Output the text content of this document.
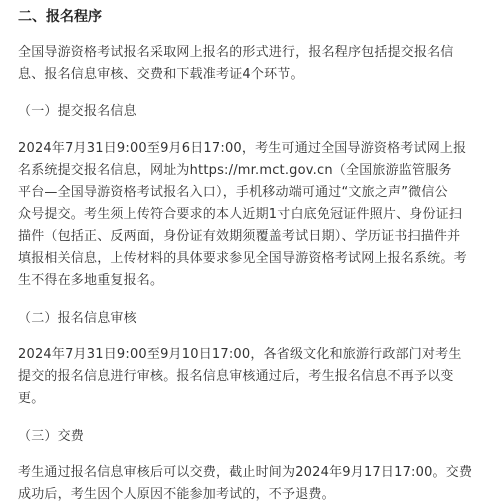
二、报名程序
全国导游资格考试报名采取网上报名的形式进行，报名程序包括提交报名信
息、报名信息审核、交费和下载准考证4个环节。
（一）提交报名信息
2024年7月31日9:00至9月6日17:00，考生可通过全国导游资格考试网上报
名系统提交报名信息，网址为https://mr.mct.gov.cn（全国旅游监管服务
平台—全国导游资格考试报名入口），手机移动端可通过“文旅之声”微信公
众号提交。考生须上传符合要求的本人近期1寸白底免冠证件照片、身份证扫
描件（包括正、反两面，身份证有效期须覆盖考试日期）、学历证书扫描件并
填报相关信息，上传材料的具体要求参见全国导游资格考试网上报名系统。考
生不得在多地重复报名。
（二）报名信息审核
2024年7月31日9:00至9月10日17:00，各省级文化和旅游行政部门对考生
提交的报名信息进行审核。报名信息审核通过后，考生报名信息不再予以变
更。
（三）交费
考生通过报名信息审核后可以交费，截止时间为2024年9月17日17:00。交费
成功后，考生因个人原因不能参加考试的，不予退费。
